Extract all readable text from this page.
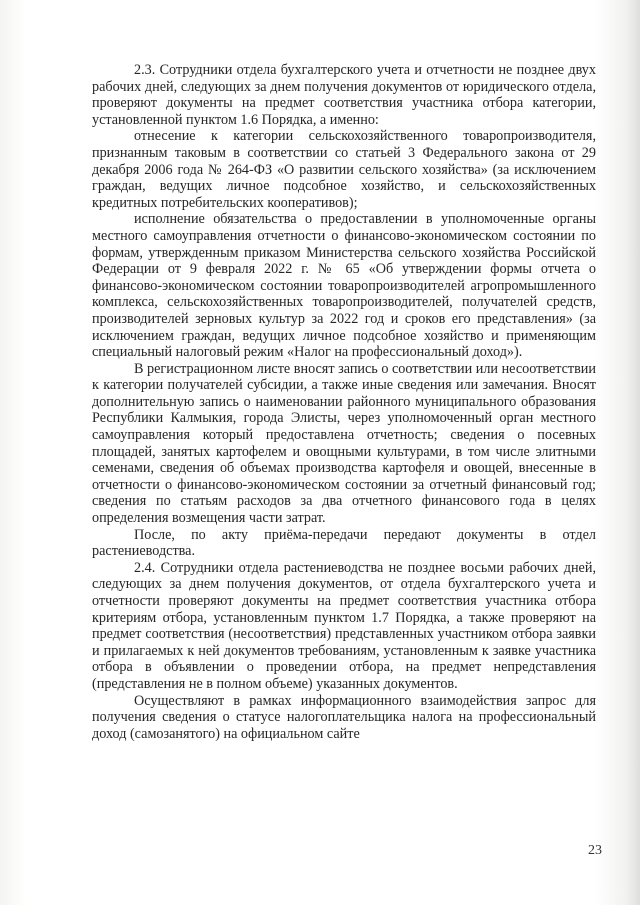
2.3. Сотрудники отдела бухгалтерского учета и отчетности не позднее двух рабочих дней, следующих за днем получения документов от юридического отдела, проверяют документы на предмет соответствия участника отбора категории, установленной пунктом 1.6 Порядка, а именно:

отнесение к категории сельскохозяйственного товаропроизводителя, признанным таковым в соответствии со статьей 3 Федерального закона от 29 декабря 2006 года № 264-ФЗ «О развитии сельского хозяйства» (за исключением граждан, ведущих личное подсобное хозяйство, и сельскохозяйственных кредитных потребительских кооперативов);

исполнение обязательства о предоставлении в уполномоченные органы местного самоуправления отчетности о финансово-экономическом состоянии по формам, утвержденным приказом Министерства сельского хозяйства Российской Федерации от 9 февраля 2022 г. № 65 «Об утверждении формы отчета о финансово-экономическом состоянии товаропроизводителей агропромышленного комплекса, сельскохозяйственных товаропроизводителей, получателей средств, производителей зерновых культур за 2022 год и сроков его представления» (за исключением граждан, ведущих личное подсобное хозяйство и применяющим специальный налоговый режим «Налог на профессиональный доход»).

В регистрационном листе вносят запись о соответствии или несоответствии к категории получателей субсидии, а также иные сведения или замечания. Вносят дополнительную запись о наименовании районного муниципального образования Республики Калмыкия, города Элисты, через уполномоченный орган местного самоуправления который предоставлена отчетность; сведения о посевных площадей, занятых картофелем и овощными культурами, в том числе элитными семенами, сведения об объемах производства картофеля и овощей, внесенные в отчетности о финансово-экономическом состоянии за отчетный финансовый год; сведения по статьям расходов за два отчетного финансового года в целях определения возмещения части затрат.

После, по акту приёма-передачи передают документы в отдел растениеводства.

2.4. Сотрудники отдела растениеводства не позднее восьми рабочих дней, следующих за днем получения документов, от отдела бухгалтерского учета и отчетности проверяют документы на предмет соответствия участника отбора критериям отбора, установленным пунктом 1.7 Порядка, а также проверяют на предмет соответствия (несоответствия) представленных участником отбора заявки и прилагаемых к ней документов требованиям, установленным к заявке участника отбора в объявлении о проведении отбора, на предмет непредставления (представления не в полном объеме) указанных документов.

Осуществляют в рамках информационного взаимодействия запрос для получения сведения о статусе налогоплательщика налога на профессиональный доход (самозанятого) на официальном сайте

23
